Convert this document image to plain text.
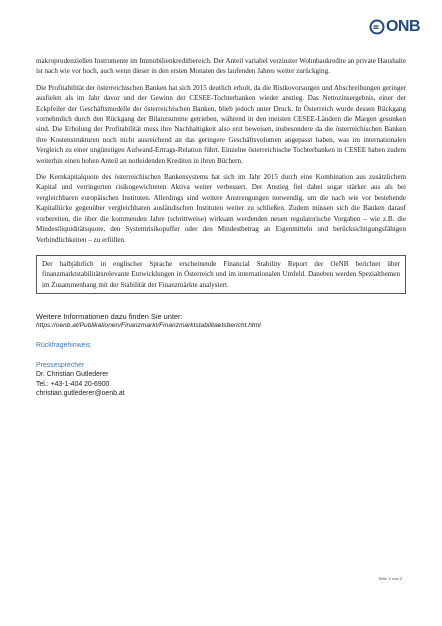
ONB

makroprudenziellen Instrumente im Immobilienkreditbereich. Der Anteil variabel verzinster Wohnbaukredite an private Haushalte ist nach wie vor hoch, auch wenn dieser in den ersten Monaten des laufenden Jahres weiter zurückging.

Die Profitabilität der österreichischen Banken hat sich 2015 deutlich erholt, da die Risikovorsorgen und Abschreibungen geringer ausfielen als im Jahr davor und der Gewinn der CESEE-Tochterbanken wieder anstieg. Das Nettozinsergebnis, einer der Eckpfeiler der Geschäftsmodelle der österreichischen Banken, blieb jedoch unter Druck. In Österreich wurde dessen Rückgang vornehmlich durch den Rückgang der Bilanzsumme getrieben, während in den meisten CESEE-Ländern die Margen gesunken sind. Die Erholung der Profitabilität muss ihre Nachhaltigkeit also erst beweisen, insbesondere da die österreichischen Banken ihre Kostenstrukturen noch nicht ausreichend an das geringere Geschäftsvolumen angepasst haben, was im internationalen Vergleich zu einer ungünstigen Aufwand-Ertrags-Relation führt. Einzelne österreichische Tochterbanken in CESEE haben zudem weiterhin einen hohen Anteil an notleidenden Krediten in ihren Büchern.

Die Kernkapitalquote des österreichischen Bankensystems hat sich im Jahr 2015 durch eine Kombination aus zusätzlichem Kapital und verringerten risikogewichteten Aktiva weiter verbessert. Der Anstieg fiel dabei sogar stärker aus als bei vergleichbaren europäischen Instituten. Allerdings sind weitere Anstrengungen notwendig, um die nach wie vor bestehende Kapitallücke gegenüber vergleichbaren ausländischen Instituten weiter zu schließen. Zudem müssen sich die Banken darauf vorbereiten, die über die kommenden Jahre (schrittweise) wirksam werdenden neuen regulatorische Vorgaben – wie z.B. die Mindestliquiditätsquote, den Systemrisikopuffer oder den Mindestbetrag an Eigenmitteln und berücksichtigungsfähigen Verbindlichkeiten – zu erfüllen.

Der halbjährlich in englischer Sprache erscheinende Financial Stability Report der OeNB berichtet über finanzmarktstabilitätsrelevante Entwicklungen in Österreich und im internationalen Umfeld. Daneben werden Spezialthemen im Zusammenhang mit der Stabilität der Finanzmärkte analysiert.
Weitere Informationen dazu finden Sie unter:
https://oenb.at/Publikationen/Finanzmarkt/Finanzmarktstabilitaetsbericht.html
Rückfragehinweis
Pressesprecher
Dr. Christian Gutlederer
Tel.: +43-1-404 20-6900
christian.gutlederer@oenb.at
Seite 2 von 2
